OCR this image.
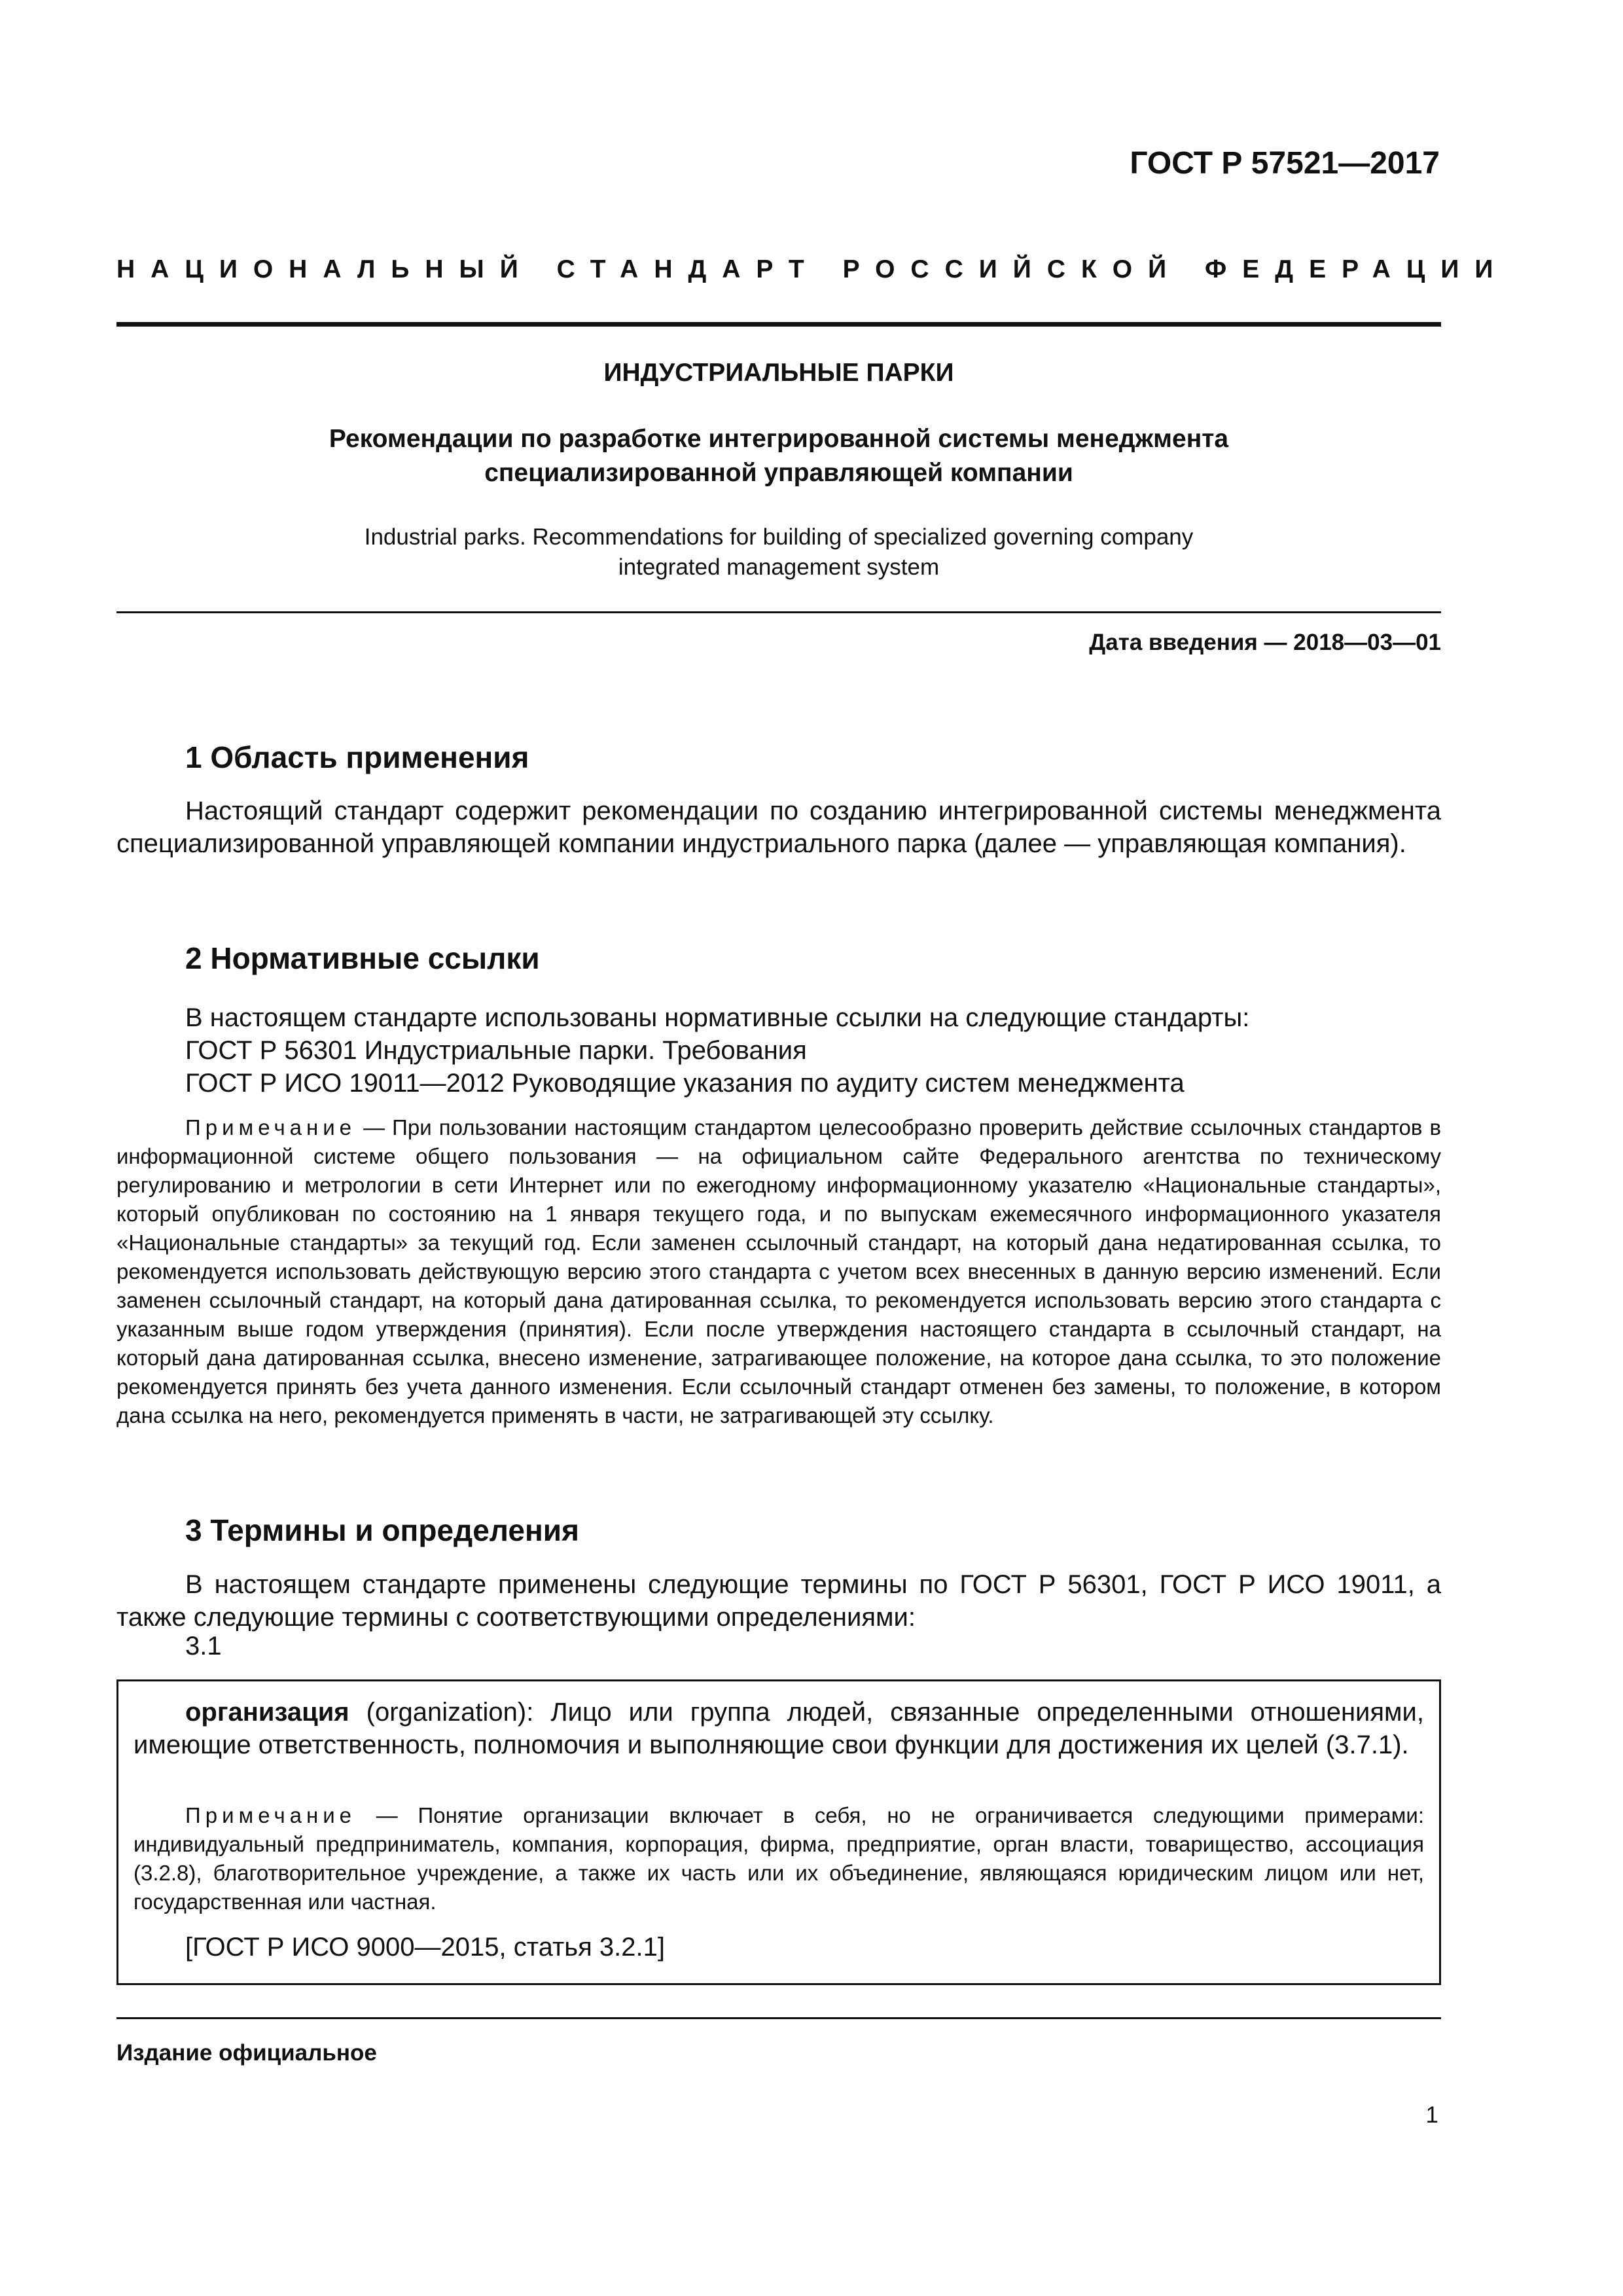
ГОСТ Р 57521—2017
НАЦИОНАЛЬНЫЙ СТАНДАРТ РОССИЙСКОЙ ФЕДЕРАЦИИ
ИНДУСТРИАЛЬНЫЕ ПАРКИ
Рекомендации по разработке интегрированной системы менеджмента
специализированной управляющей компании
Industrial parks. Recommendations for building of specialized governing company
integrated management system
Дата введения — 2018—03—01
1 Область применения
Настоящий стандарт содержит рекомендации по созданию интегрированной системы менеджмента специализированной управляющей компании индустриального парка (далее — управляющая компания).
2 Нормативные ссылки
В настоящем стандарте использованы нормативные ссылки на следующие стандарты:
ГОСТ Р 56301 Индустриальные парки. Требования
ГОСТ Р ИСО 19011—2012 Руководящие указания по аудиту систем менеджмента
Примечание — При пользовании настоящим стандартом целесообразно проверить действие ссылочных стандартов в информационной системе общего пользования — на официальном сайте Федерального агентства по техническому регулированию и метрологии в сети Интернет или по ежегодному информационному указателю «Национальные стандарты», который опубликован по состоянию на 1 января текущего года, и по выпускам ежемесячного информационного указателя «Национальные стандарты» за текущий год. Если заменен ссылочный стандарт, на который дана недатированная ссылка, то рекомендуется использовать действующую версию этого стандарта с учетом всех внесенных в данную версию изменений. Если заменен ссылочный стандарт, на который дана датированная ссылка, то рекомендуется использовать версию этого стандарта с указанным выше годом утверждения (принятия). Если после утверждения настоящего стандарта в ссылочный стандарт, на который дана датированная ссылка, внесено изменение, затрагивающее положение, на которое дана ссылка, то это положение рекомендуется принять без учета данного изменения. Если ссылочный стандарт отменен без замены, то положение, в котором дана ссылка на него, рекомендуется применять в части, не затрагивающей эту ссылку.
3 Термины и определения
В настоящем стандарте применены следующие термины по ГОСТ Р 56301, ГОСТ Р ИСО 19011, а также следующие термины с соответствующими определениями:
3.1
организация (organization): Лицо или группа людей, связанные определенными отношениями, имеющие ответственность, полномочия и выполняющие свои функции для достижения их целей (3.7.1).
Примечание — Понятие организации включает в себя, но не ограничивается следующими примерами: индивидуальный предприниматель, компания, корпорация, фирма, предприятие, орган власти, товарищество, ассоциация (3.2.8), благотворительное учреждение, а также их часть или их объединение, являющаяся юридическим лицом или нет, государственная или частная.
[ГОСТ Р ИСО 9000—2015, статья 3.2.1]
Издание официальное
1
